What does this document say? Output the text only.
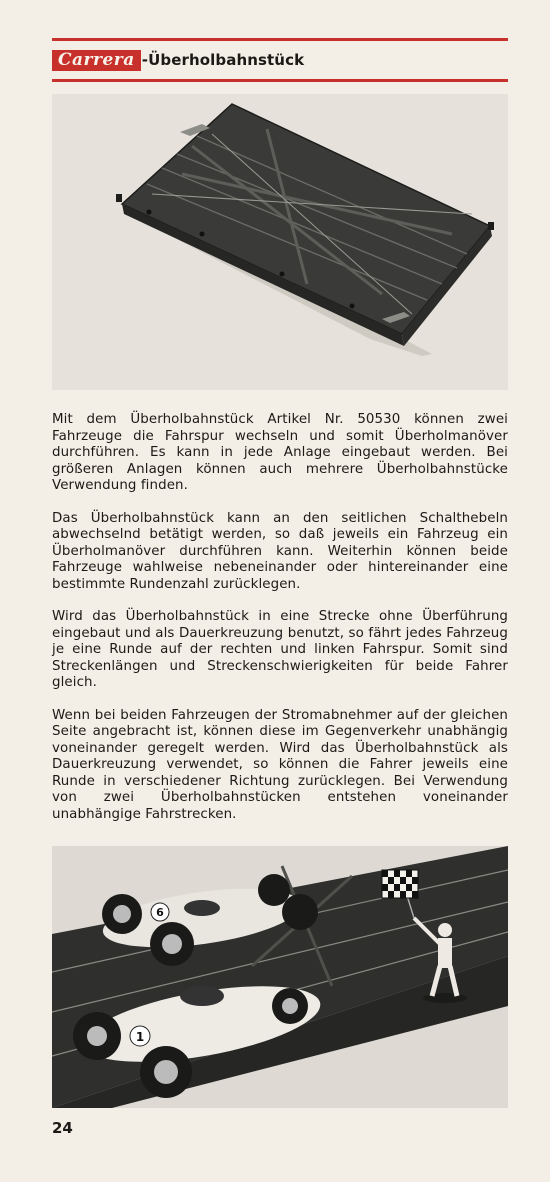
Carrera -Überholbahnstück

Mit dem Überholbahnstück Artikel Nr. 50530 können zwei Fahrzeuge die Fahrspur wechseln und somit Überholmanöver durchführen. Es kann in jede Anlage eingebaut werden. Bei größeren Anlagen können auch mehrere Überholbahnstücke Verwendung finden.

Das Überholbahnstück kann an den seitlichen Schalthebeln abwechselnd betätigt werden, so daß jeweils ein Fahrzeug ein Überholmanöver durchführen kann. Weiterhin können beide Fahrzeuge wahlweise nebeneinander oder hintereinander eine bestimmte Rundenzahl zurücklegen.

Wird das Überholbahnstück in eine Strecke ohne Überführung eingebaut und als Dauerkreuzung benutzt, so fährt jedes Fahrzeug je eine Runde auf der rechten und linken Fahrspur. Somit sind Streckenlängen und Streckenschwierigkeiten für beide Fahrer gleich.

Wenn bei beiden Fahrzeugen der Stromabnehmer auf der gleichen Seite angebracht ist, können diese im Gegenverkehr unabhängig voneinander geregelt werden. Wird das Überholbahnstück als Dauerkreuzung verwendet, so können die Fahrer jeweils eine Runde in verschiedener Richtung zurücklegen. Bei Verwendung von zwei Überholbahnstücken entstehen voneinander unabhängige Fahrstrecken.

6
1
24
